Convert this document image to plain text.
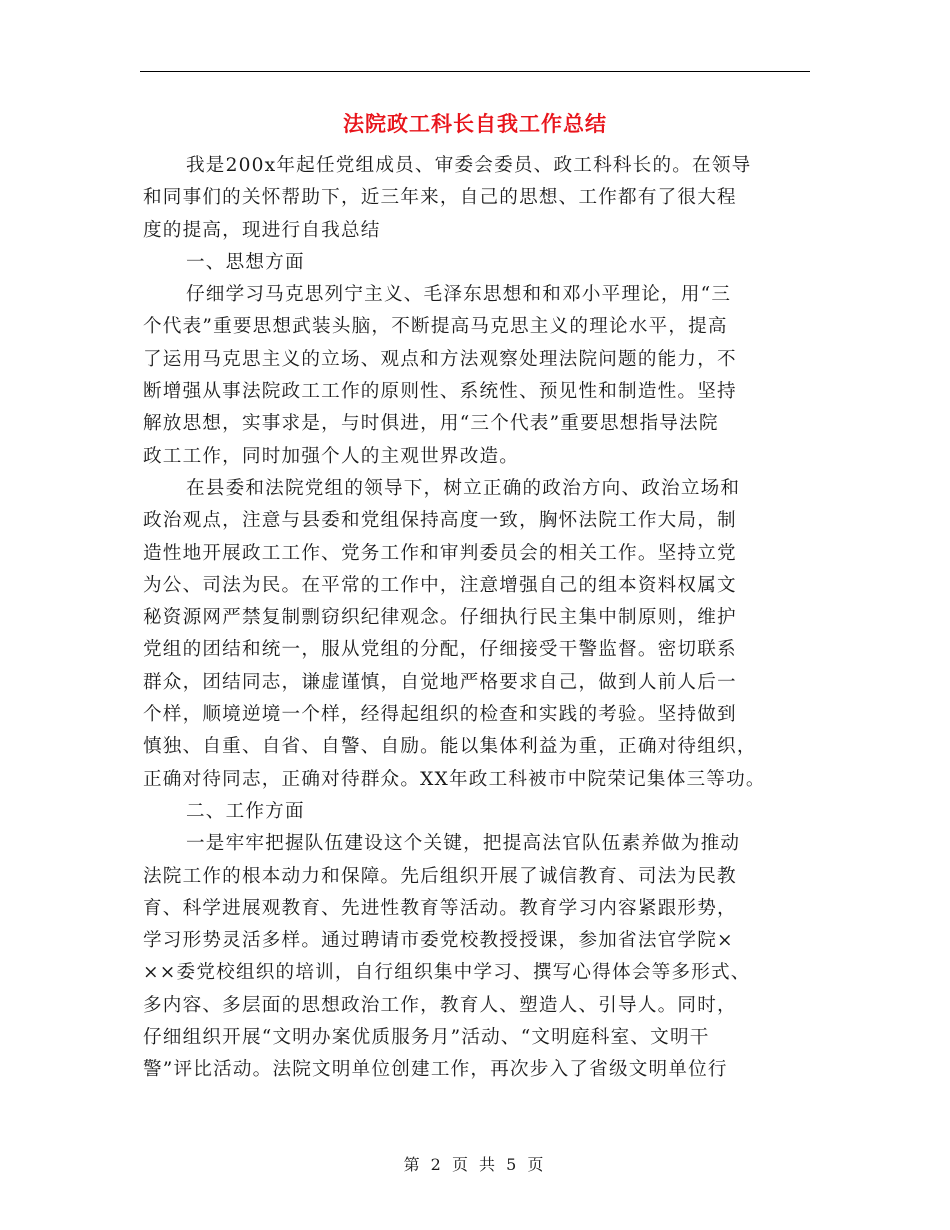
法院政工科长自我工作总结
我是200x年起任党组成员、审委会委员、政工科科长的。在领导
和同事们的关怀帮助下，近三年来，自己的思想、工作都有了很大程
度的提高，现进行自我总结
一、思想方面
仔细学习马克思列宁主义、毛泽东思想和和邓小平理论，用“三
个代表”重要思想武装头脑，不断提高马克思主义的理论水平，提高
了运用马克思主义的立场、观点和方法观察处理法院问题的能力，不
断增强从事法院政工工作的原则性、系统性、预见性和制造性。坚持
解放思想，实事求是，与时俱进，用“三个代表”重要思想指导法院
政工工作，同时加强个人的主观世界改造。
在县委和法院党组的领导下，树立正确的政治方向、政治立场和
政治观点，注意与县委和党组保持高度一致，胸怀法院工作大局，制
造性地开展政工工作、党务工作和审判委员会的相关工作。坚持立党
为公、司法为民。在平常的工作中，注意增强自己的组本资料权属文
秘资源网严禁复制剽窃织纪律观念。仔细执行民主集中制原则，维护
党组的团结和统一，服从党组的分配，仔细接受干警监督。密切联系
群众，团结同志，谦虚谨慎，自觉地严格要求自己，做到人前人后一
个样，顺境逆境一个样，经得起组织的检查和实践的考验。坚持做到
慎独、自重、自省、自警、自励。能以集体利益为重，正确对待组织，
正确对待同志，正确对待群众。XX年政工科被市中院荣记集体三等功。
二、工作方面
一是牢牢把握队伍建设这个关键，把提高法官队伍素养做为推动
法院工作的根本动力和保障。先后组织开展了诚信教育、司法为民教
育、科学进展观教育、先进性教育等活动。教育学习内容紧跟形势，
学习形势灵活多样。通过聘请市委党校教授授课，参加省法官学院×
××委党校组织的培训，自行组织集中学习、撰写心得体会等多形式、
多内容、多层面的思想政治工作，教育人、塑造人、引导人。同时，
仔细组织开展“文明办案优质服务月”活动、“文明庭科室、文明干
警”评比活动。法院文明单位创建工作，再次步入了省级文明单位行
第 2 页 共 5 页
